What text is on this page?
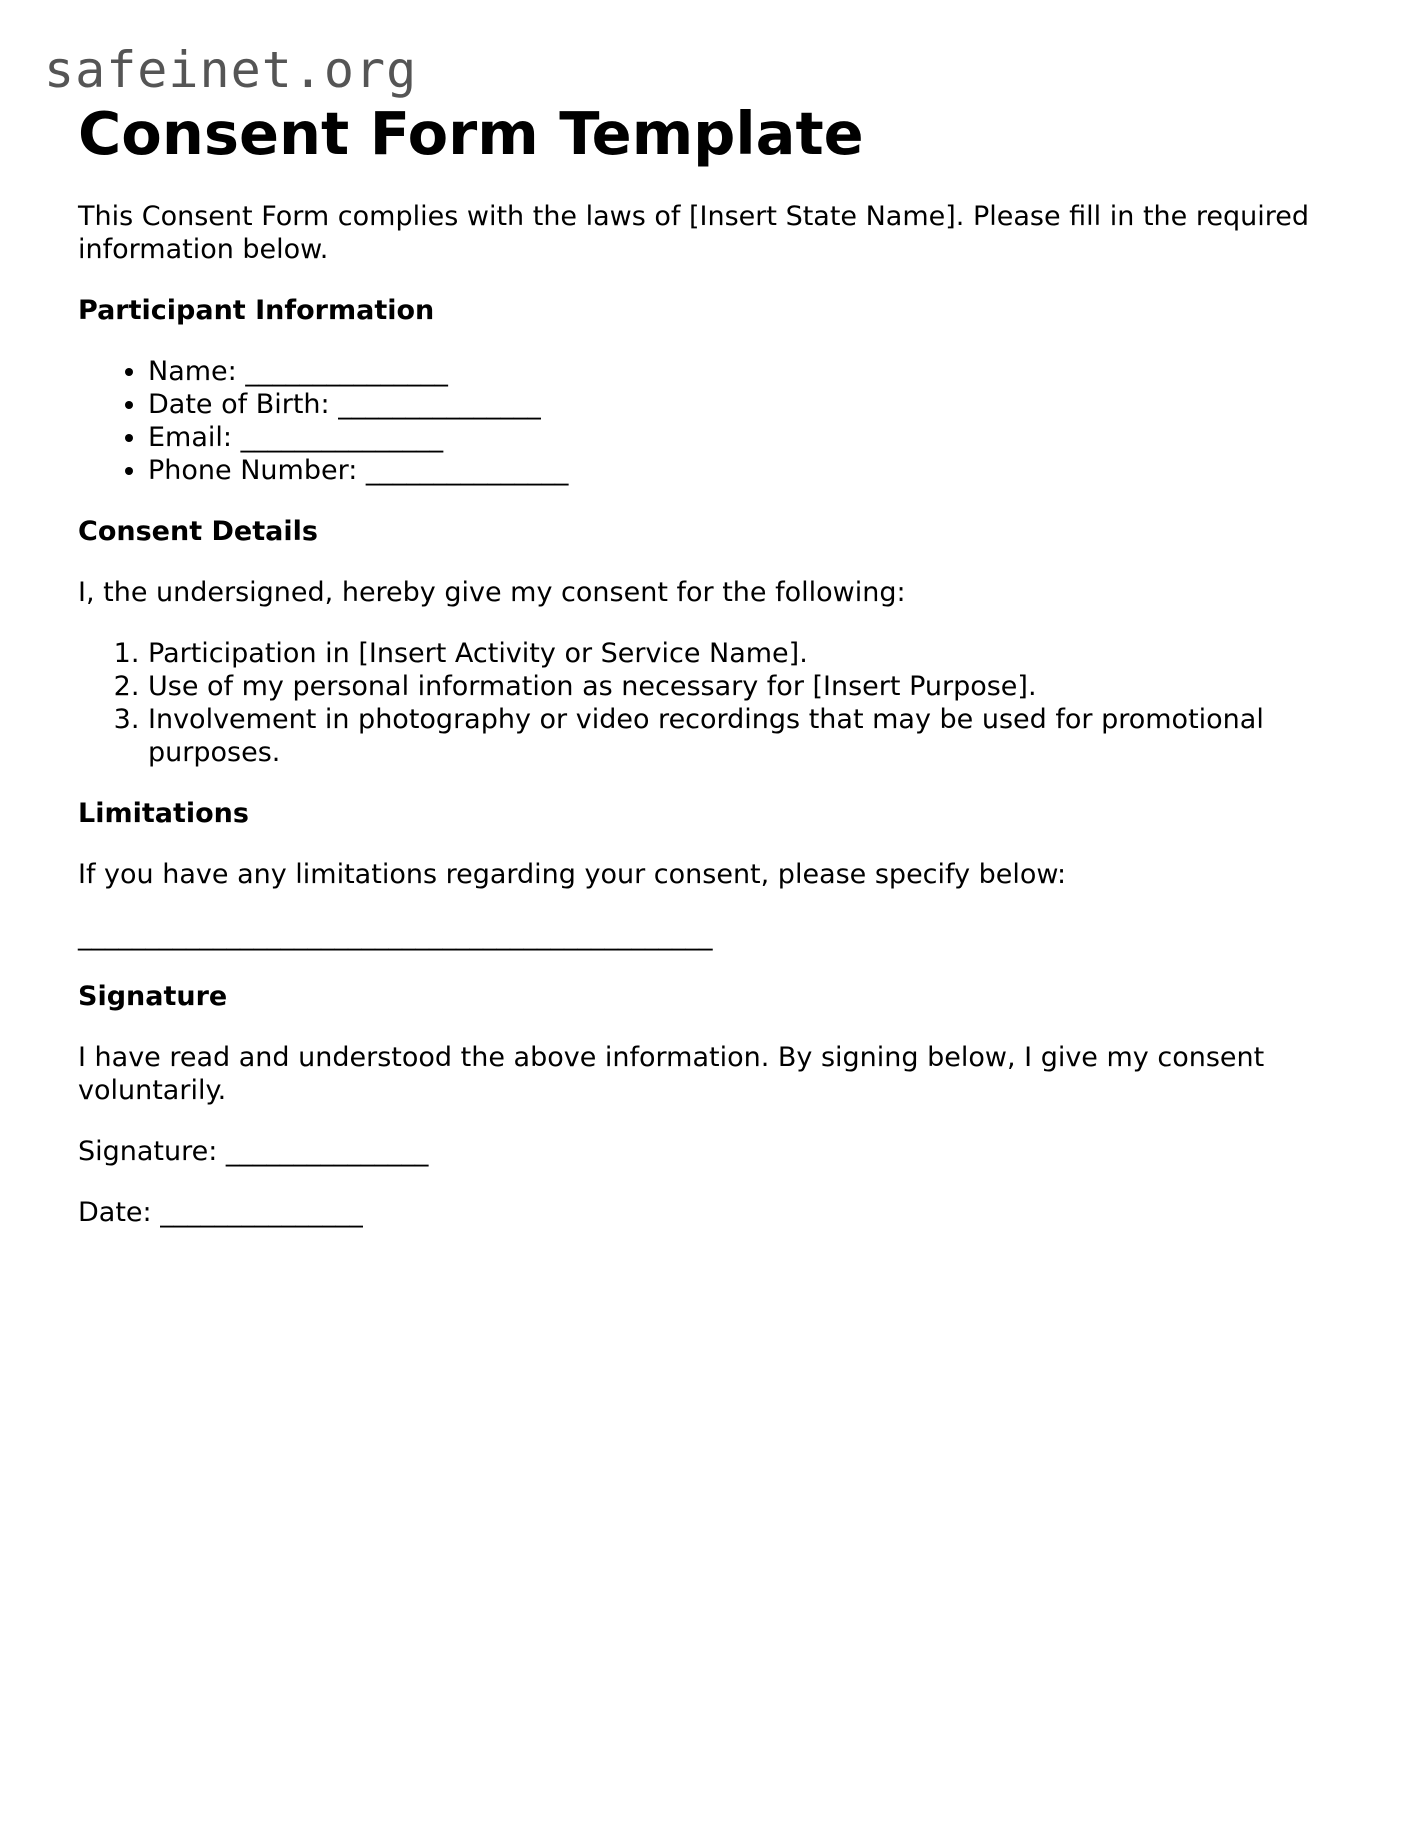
safeinet.org
Consent Form Template

This Consent Form complies with the laws of [Insert State Name]. Please fill in the required information below.

Participant Information
• Name: _______________
• Date of Birth: _______________
• Email: _______________
• Phone Number: _______________
Consent Details

I, the undersigned, hereby give my consent for the following:

1. Participation in [Insert Activity or Service Name].
2. Use of my personal information as necessary for [Insert Purpose].
3. Involvement in photography or video recordings that may be used for promotional purposes.
Limitations

If you have any limitations regarding your consent, please specify below:

_______________________________________________

Signature

I have read and understood the above information. By signing below, I give my consent voluntarily.

Signature: _______________

Date: _______________
